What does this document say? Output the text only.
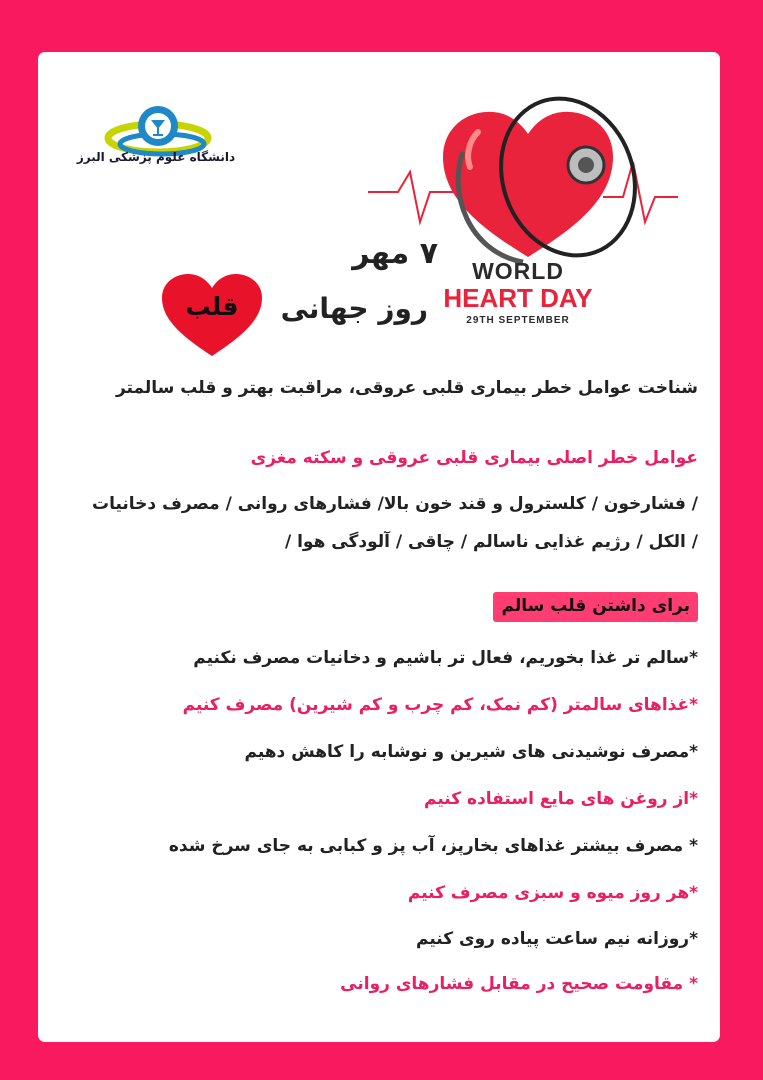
دانشگاه علوم پزشکی البرز
WORLD
HEART DAY
29TH SEPTEMBER
۷ مهر
روز جهانی
قلب
شناخت عوامل خطر بیماری قلبی عروقی، مراقبت بهتر و قلب سالمتر
عوامل خطر اصلی بیماری قلبی عروقی و سکته مغزی
/ فشارخون / کلسترول و قند خون بالا/ فشارهای روانی / مصرف دخانیات
/ الکل / رژیم غذایی ناسالم / چاقی / آلودگی هوا /
برای داشتن قلب سالم
*سالم تر غذا بخوریم، فعال تر باشیم و دخانیات مصرف نکنیم
*غذاهای سالمتر (کم نمک، کم چرب و کم شیرین) مصرف کنیم
*مصرف نوشیدنی های شیرین و نوشابه را کاهش دهیم
*از روغن های مایع استفاده کنیم
* مصرف بیشتر غذاهای بخارپز، آب پز و کبابی به جای سرخ شده
*هر روز میوه و سبزی مصرف کنیم
*روزانه نیم ساعت پیاده روی کنیم
* مقاومت صحیح در مقابل فشارهای روانی
